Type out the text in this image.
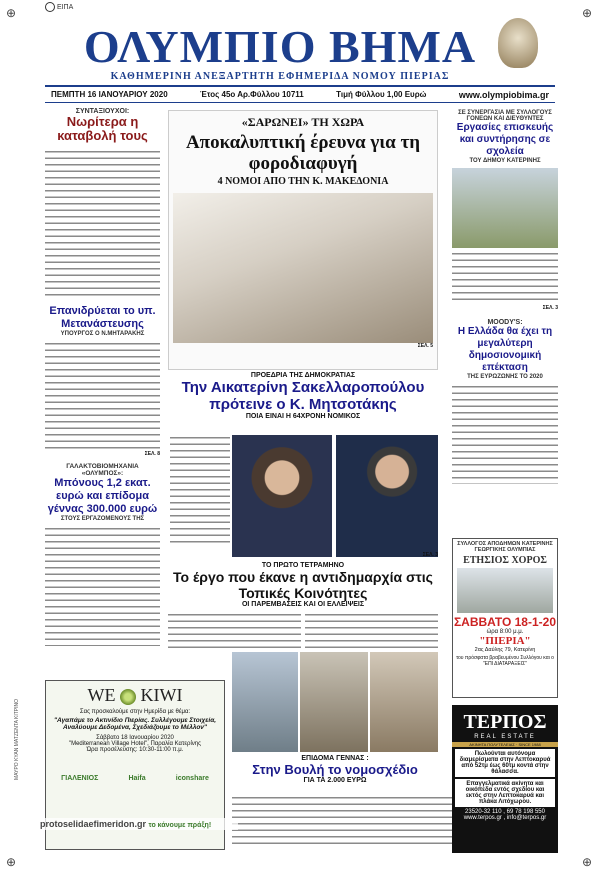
⊕	⊕
⊕	⊕
ΕΙΠΑ
ΟΛΥΜΠΙΟ ΒΗΜΑ
ΚΑΘΗΜΕΡΙΝΗ ΑΝΕΞΑΡΤΗΤΗ ΕΦΗΜΕΡΙΔΑ ΝΟΜΟΥ ΠΙΕΡΙΑΣ
ΠΕΜΠΤΗ 16 ΙΑΝΟΥΑΡΙΟΥ 2020	Έτος 45ο Αρ.Φύλλου 10711	Τιμή Φύλλου 1,00 Ευρώ	www.olympiobima.gr
ΜΑΥΡΟ ΚΥΑΝ ΜΑΤΖΕΝΤΑ ΚΙΤΡΙΝΟ
ΣΥΝΤΑΞΙΟΥΧΟΙ:
Νωρίτερα η καταβολή τους
Επανιδρύεται το υπ. Μετανάστευσης
ΥΠΟΥΡΓΟΣ Ο Ν.ΜΗΤΑΡΑΚΗΣ
ΣΕΛ. 8
ΓΑΛΑΚΤΟΒΙΟΜΗΧΑΝΙΑ «ΟΛΥΜΠΟΣ»:
Μπόνους 1,2 εκατ. ευρώ και επίδομα γέννας 300.000 ευρώ
ΣΤΟΥΣ ΕΡΓΑΖΟΜΕΝΟΥΣ ΤΗΣ
«ΣΑΡΩΝΕΙ» ΤΗ ΧΩΡΑ
Αποκαλυπτική έρευνα για τη φοροδιαφυγή
4 ΝΟΜΟΙ ΑΠΟ ΤΗΝ Κ. ΜΑΚΕΔΟΝΙΑ
ΣΕΛ. 5
ΠΡΟΕΔΡΙΑ ΤΗΣ ΔΗΜΟΚΡΑΤΙΑΣ
Την Αικατερίνη Σακελλαροπούλου πρότεινε ο Κ. Μητσοτάκης
ΠΟΙΑ ΕΙΝΑΙ Η 64ΧΡΟΝΗ ΝΟΜΙΚΟΣ
ΣΕΛ. 3
ΤΟ ΠΡΩΤΟ ΤΕΤΡΑΜΗΝΟ
Το έργο που έκανε η αντιδημαρχία στις Τοπικές Κοινότητες
ΟΙ ΠΑΡΕΜΒΑΣΕΙΣ ΚΑΙ ΟΙ ΕΛΛΕΙΨΕΙΣ
ΕΠΙΔΟΜΑ ΓΕΝΝΑΣ :
Στην Βουλή το νομοσχέδιο
ΓΙΑ ΤΑ 2.000 ΕΥΡΩ
ΣΕ ΣΥΝΕΡΓΑΣΙΑ ΜΕ ΣΥΛΛΟΓΟΥΣ ΓΟΝΕΩΝ ΚΑΙ ΔΙΕΥΘΥΝΤΕΣ
Εργασίες επισκευής και συντήρησης σε σχολεία
ΤΟΥ ΔΗΜΟΥ ΚΑΤΕΡΙΝΗΣ
ΣΕΛ. 3
MOODY'S:
Η Ελλάδα θα έχει τη μεγαλύτερη δημοσιονομική επέκταση
ΤΗΣ ΕΥΡΩΖΩΝΗΣ ΤΟ 2020
ΣΥΛΛΟΓΟΣ ΑΠΟΔΗΜΩΝ ΚΑΤΕΡΙΝΗΣ ΓΕΩΡΓΙΚΗΣ ΟΛΥΜΠΙΑΣ
ΕΤΗΣΙΟΣ ΧΟΡΟΣ
ΣΑΒΒΑΤΟ 18-1-20
ώρα 8:00 μ.μ.
"ΠΙΕΡΙΑ"
2ας Δαύλης 79, Κατερίνη
του πρόσφατα βραβευμένου Συλλόγου και ο "ΕΠΙ ΔΙΑΤΑΡΑΞΕΙΣ"
ΤΕΡΠΟΣ
REAL ESTATE
ΑΚΙΝΗΤΑ ΠΟΛΥΤΕΛΕΙΑΣ · SINCE 1988
Πωλούνται αυτόνομα διαμερίσματα στην Λεπτοκαρυά από 52τμ έως 60τμ κοντά στην θάλασσα.
Επαγγελματικά ακίνητα και οικόπεδα εντός σχεδίου και εκτός στην Λεπτοκαρυά και πλάκα Λιτόχωρου.
23520-32 110 , 69 78 198 550
www.terpos.gr , info@terpos.gr
WE KIWI
Σας προσκαλούμε στην Ημερίδα με θέμα:
"Αγαπάμε το Ακτινίδιο Πιερίας. Συλλέγουμε Στοιχεία, Αναλύουμε Δεδομένα, Σχεδιάζουμε το Μέλλον"
Σάββατο 18 Ιανουαρίου 2020
"Mediterranean Village Hotel", Παραλία Κατερίνης
Ώρα προσέλευσης: 10:30-11:00 π.μ.
ΓΙΑΛΕΝΙΟΣ	Haifa	iconshare
protoselidaefimeridon.gr το κάνουμε πράξη!
